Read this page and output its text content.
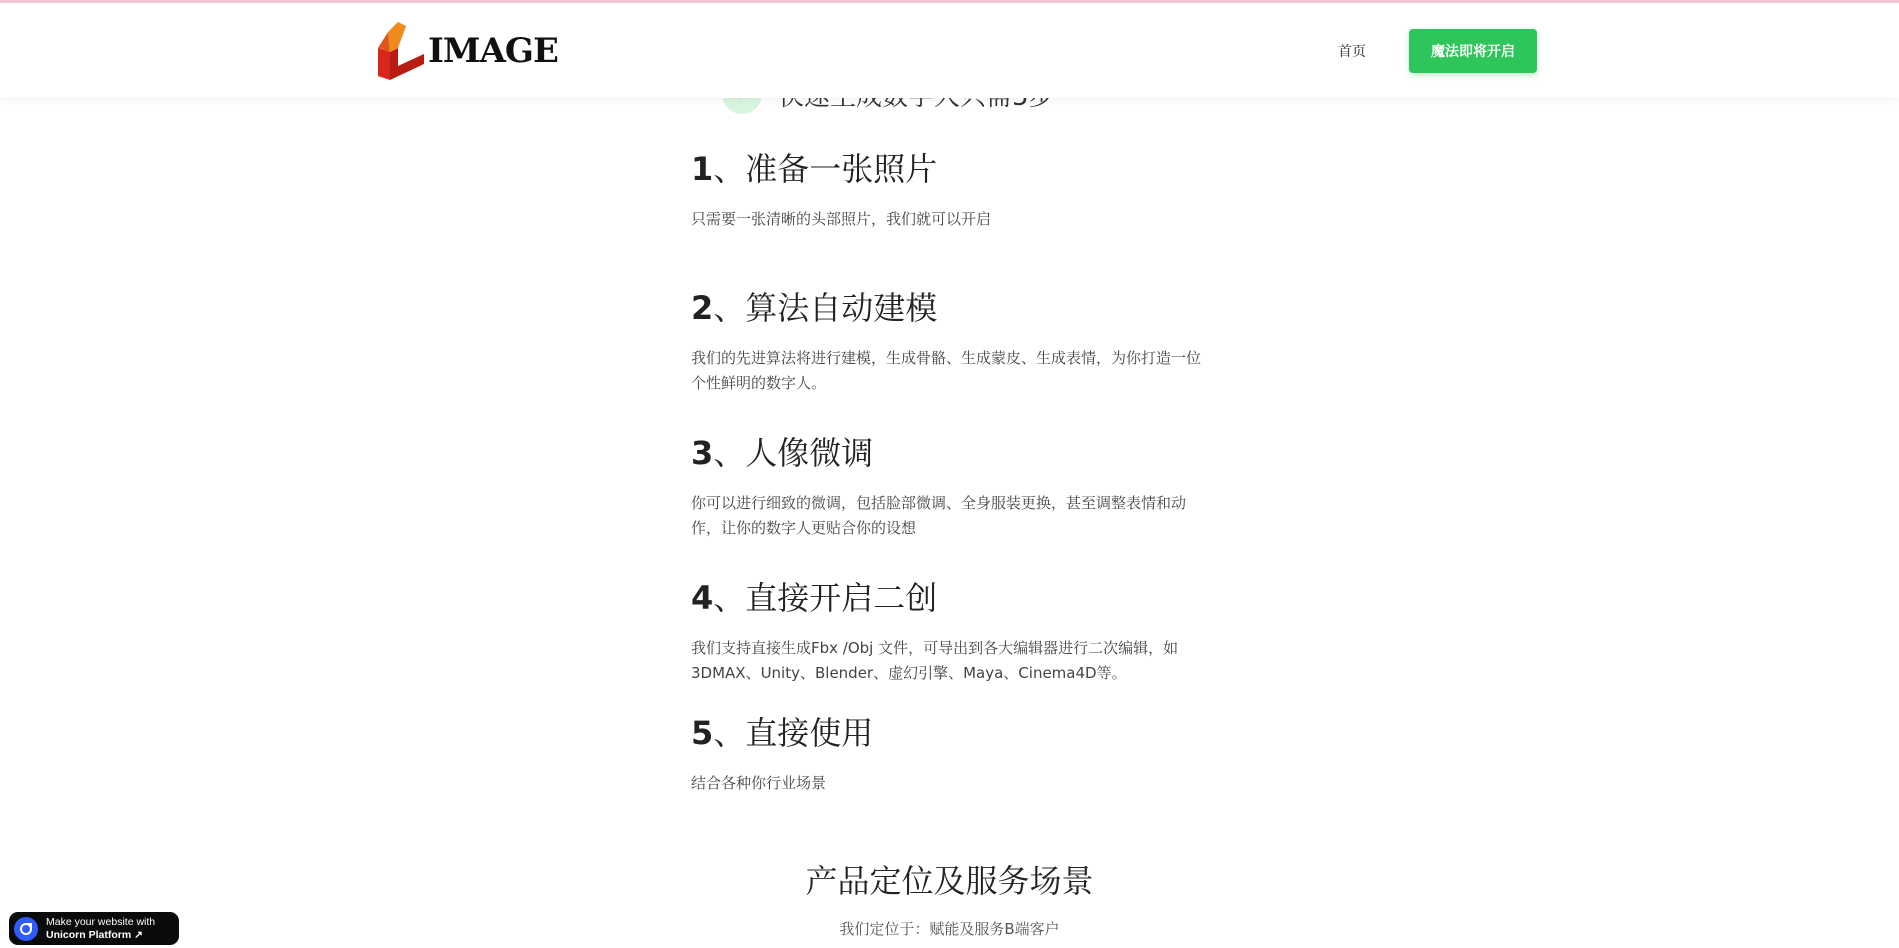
IMAGE	首页	魔法即将开启
1、准备一张照片

只需要一张清晰的头部照片，我们就可以开启

2、算法自动建模

我们的先进算法将进行建模，生成骨骼、生成蒙皮、生成表情，为你打造一位个性鲜明的数字人。

3、人像微调

你可以进行细致的微调，包括脸部微调、全身服装更换，甚至调整表情和动作，让你的数字人更贴合你的设想

4、直接开启二创

我们支持直接生成Fbx /Obj 文件，可导出到各大编辑器进行二次编辑，如3DMAX、Unity、Blender、虚幻引擎、Maya、Cinema4D等。

5、直接使用

结合各种你行业场景

产品定位及服务场景

我们定位于：赋能及服务B端客户

Make your website with
Unicorn Platform ↗
